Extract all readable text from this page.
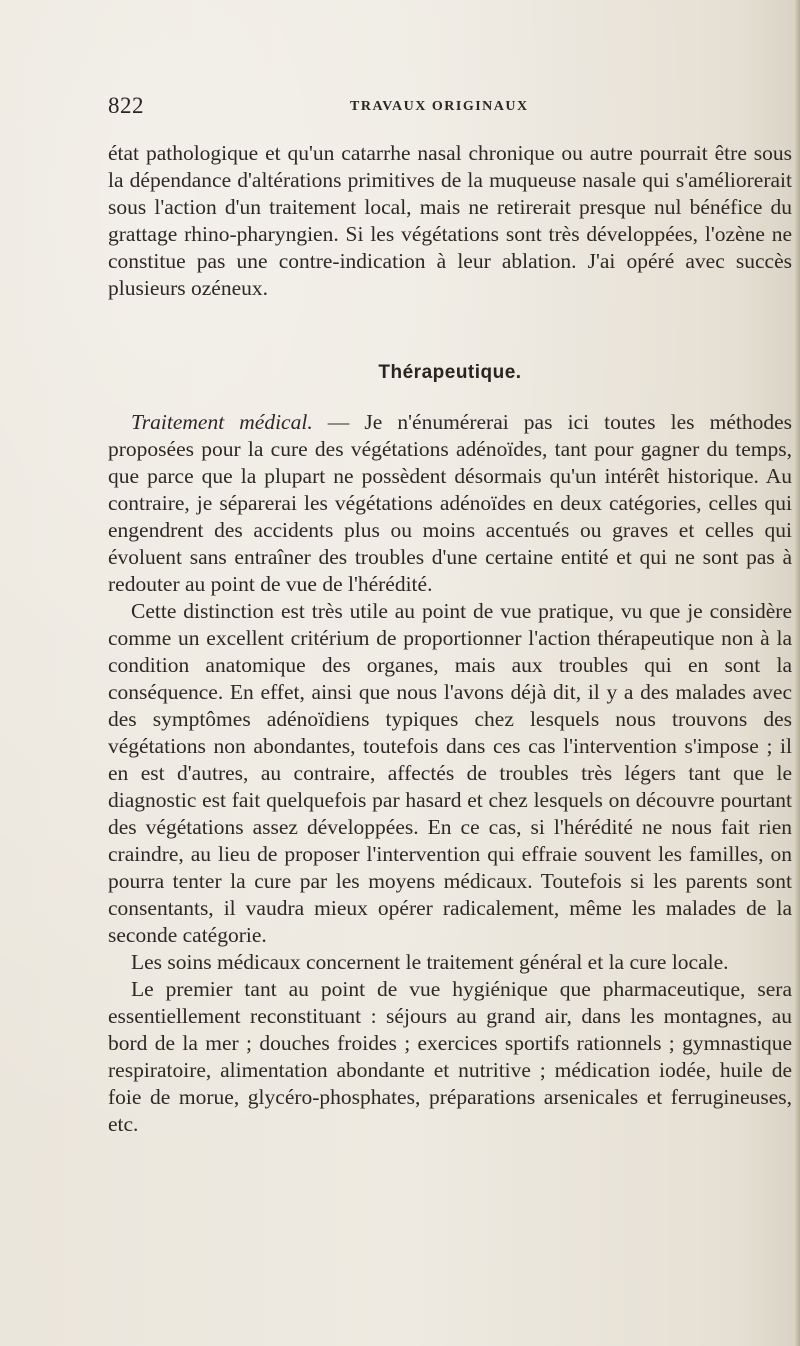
822	TRAVAUX ORIGINAUX

état pathologique et qu'un catarrhe nasal chronique ou autre pourrait être sous la dépendance d'altérations primitives de la muqueuse nasale qui s'améliorerait sous l'action d'un traitement local, mais ne retirerait presque nul bénéfice du grattage rhino-pharyngien. Si les végétations sont très développées, l'ozène ne constitue pas une contre-indication à leur ablation. J'ai opéré avec succès plusieurs ozéneux.

Thérapeutique.

Traitement médical. — Je n'énumérerai pas ici toutes les méthodes proposées pour la cure des végétations adénoïdes, tant pour gagner du temps, que parce que la plupart ne possèdent désormais qu'un intérêt historique. Au contraire, je séparerai les végétations adénoïdes en deux catégories, celles qui engendrent des accidents plus ou moins accentués ou graves et celles qui évoluent sans entraîner des troubles d'une certaine entité et qui ne sont pas à redouter au point de vue de l'hérédité.

Cette distinction est très utile au point de vue pratique, vu que je considère comme un excellent critérium de proportionner l'action thérapeutique non à la condition anatomique des organes, mais aux troubles qui en sont la conséquence. En effet, ainsi que nous l'avons déjà dit, il y a des malades avec des symptômes adénoïdiens typiques chez lesquels nous trouvons des végétations non abondantes, toutefois dans ces cas l'intervention s'impose ; il en est d'autres, au contraire, affectés de troubles très légers tant que le diagnostic est fait quelquefois par hasard et chez lesquels on découvre pourtant des végétations assez développées. En ce cas, si l'hérédité ne nous fait rien craindre, au lieu de proposer l'intervention qui effraie souvent les familles, on pourra tenter la cure par les moyens médicaux. Toutefois si les parents sont consentants, il vaudra mieux opérer radicalement, même les malades de la seconde catégorie.

Les soins médicaux concernent le traitement général et la cure locale.

Le premier tant au point de vue hygiénique que pharmaceutique, sera essentiellement reconstituant : séjours au grand air, dans les montagnes, au bord de la mer ; douches froides ; exercices sportifs rationnels ; gymnastique respiratoire, alimentation abondante et nutritive ; médication iodée, huile de foie de morue, glycéro-phosphates, préparations arsenicales et ferrugineuses, etc.
